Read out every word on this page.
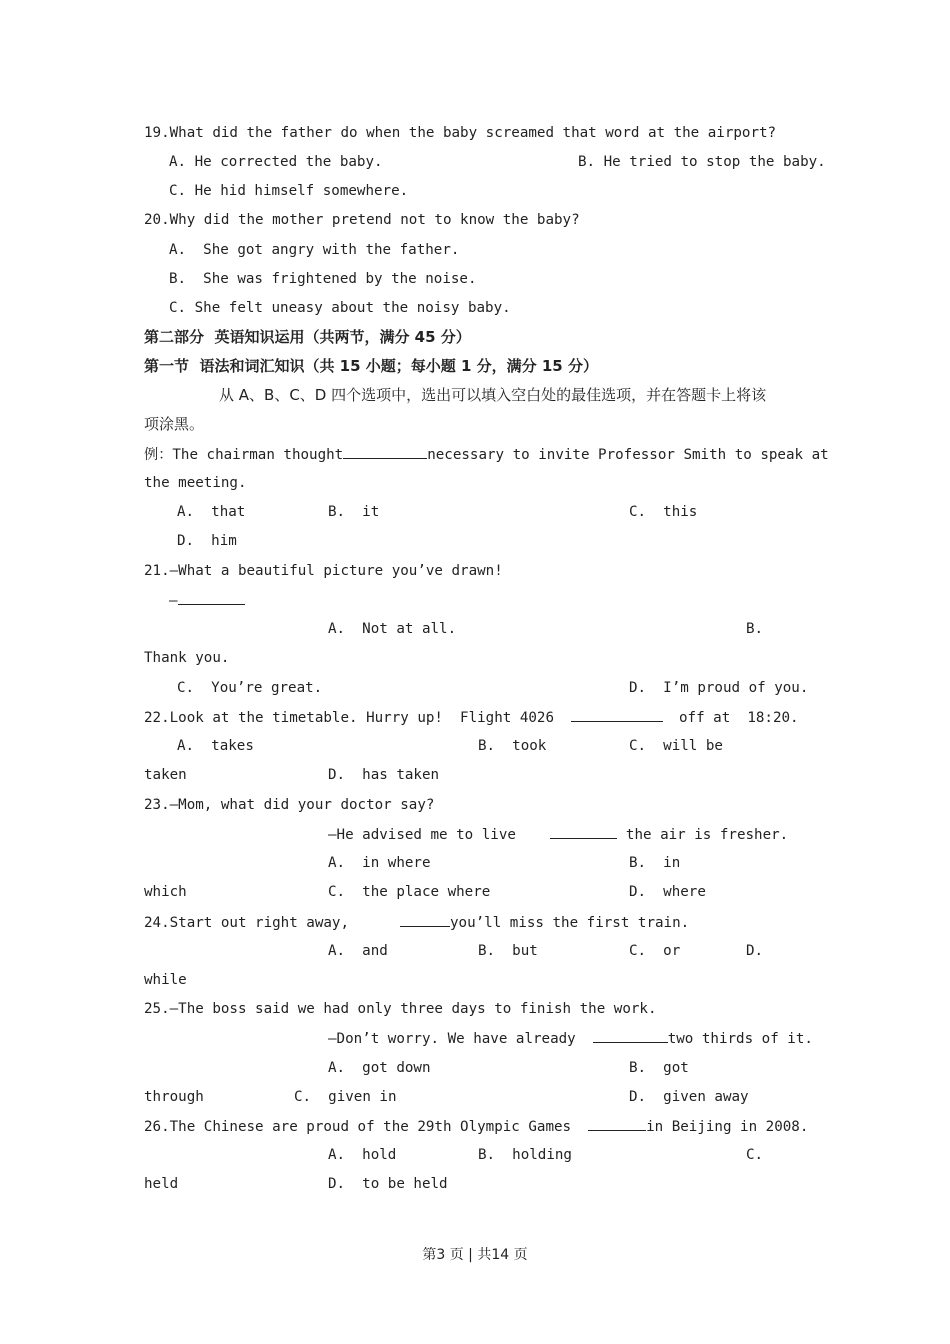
19.What did the father do when the baby screamed that word at the airport?
A. He corrected the baby.	B. He tried to stop the baby.
C. He hid himself somewhere.
20.Why did the mother pretend not to know the baby?
A.  She got angry with the father.
B.  She was frightened by the noise.
C. She felt uneasy about the noisy baby.
第二部分  英语知识运用（共两节，满分 45 分）
第一节  语法和词汇知识（共 15 小题；每小题 1 分，满分 15 分）
从 A、B、C、D 四个选项中，选出可以填入空白处的最佳选项，并在答题卡上将该
项涂黑。
例：The chairman thought	necessary to invite Professor Smith to speak at
the meeting.
A.  that	B.  it	C.  this
D.  him
21.—What a beautiful picture you’ve drawn!
—
A.  Not at all.	B.
Thank you.
C.  You’re great.	D.  I’m proud of you.
22.Look at the timetable. Hurry up!  Flight 4026	off at  18:20.
A.  takes	B.  took	C.  will be
taken	D.  has taken
23.—Mom, what did your doctor say?
—He advised me to live	the air is fresher.
A.  in where	B.  in
which	C.  the place where	D.  where
24.Start out right away,	you’ll miss the first train.
A.  and	B.  but	C.  or	D.
while
25.—The boss said we had only three days to finish the work.
—Don’t worry. We have already	two thirds of it.
A.  got down	B.  got
through	C.  given in	D.  given away
26.The Chinese are proud of the 29th Olympic Games	in Beijing in 2008.
A.  hold	B.  holding	C.
held	D.  to be held
第3 页 | 共14 页
